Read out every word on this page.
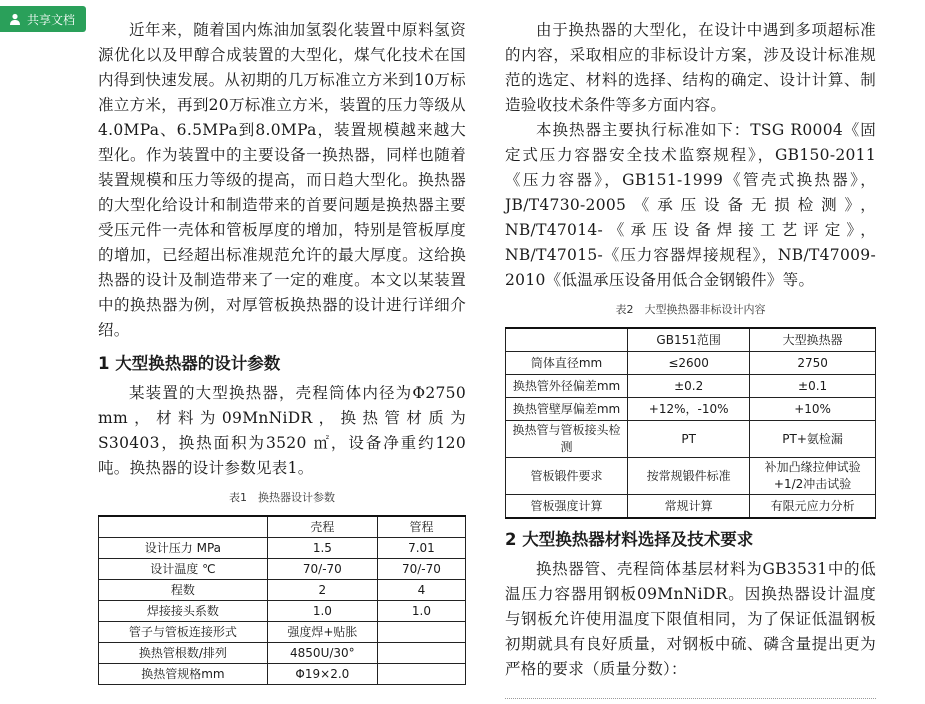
共享文档

近年来，随着国内炼油加氢裂化装置中原料氢资源优化以及甲醇合成装置的大型化，煤气化技术在国内得到快速发展。从初期的几万标准立方米到10万标准立方米，再到20万标准立方米，装置的压力等级从4.0MPa、6.5MPa到8.0MPa，装置规模越来越大型化。作为装置中的主要设备一换热器，同样也随着装置规模和压力等级的提高，而日趋大型化。换热器的大型化给设计和制造带来的首要问题是换热器主要受压元件一壳体和管板厚度的增加，特别是管板厚度的增加，已经超出标准规范允许的最大厚度。这给换热器的设计及制造带来了一定的难度。本文以某装置中的换热器为例，对厚管板换热器的设计进行详细介绍。

1 大型换热器的设计参数

某装置的大型换热器，壳程筒体内径为Φ2750 mm，材料为09MnNiDR，换热管材质为S30403，换热面积为3520 ㎡，设备净重约120吨。换热器的设计参数见表1。

表1　换热器设计参数
	壳程	管程
设计压力 MPa	1.5	7.01
设计温度 ℃	70/-70	70/-70
程数	2	4
焊接接头系数	1.0	1.0
管子与管板连接形式	强度焊+贴胀	
换热管根数/排列	4850U/30°	
换热管规格mm	Φ19×2.0	

由于换热器的大型化，在设计中遇到多项超标准的内容，采取相应的非标设计方案，涉及设计标准规范的选定、材料的选择、结构的确定、设计计算、制造验收技术条件等多方面内容。

本换热器主要执行标准如下：TSG R0004《固定式压力容器安全技术监察规程》，GB150-2011《压力容器》，GB151-1999《管壳式换热器》，JB/T4730-2005《承压设备无损检测》，NB/T47014-《承压设备焊接工艺评定》，NB/T47015-《压力容器焊接规程》，NB/T47009-2010《低温承压设备用低合金钢锻件》等。

表2　大型换热器非标设计内容
	GB151范围	大型换热器
筒体直径mm	≤2600	2750
换热管外径偏差mm	±0.2	±0.1
换热管壁厚偏差mm	+12%，-10%	+10%
换热管与管板接头检测	PT	PT+氨检漏
管板锻件要求	按常规锻件标准	补加凸缘拉伸试验+1/2冲击试验
管板强度计算	常规计算	有限元应力分析
2 大型换热器材料选择及技术要求

换热器管、壳程筒体基层材料为GB3531中的低温压力容器用钢板09MnNiDR。因换热器设计温度与钢板允许使用温度下限值相同，为了保证低温钢板初期就具有良好质量，对钢板中硫、磷含量提出更为严格的要求（质量分数）：
